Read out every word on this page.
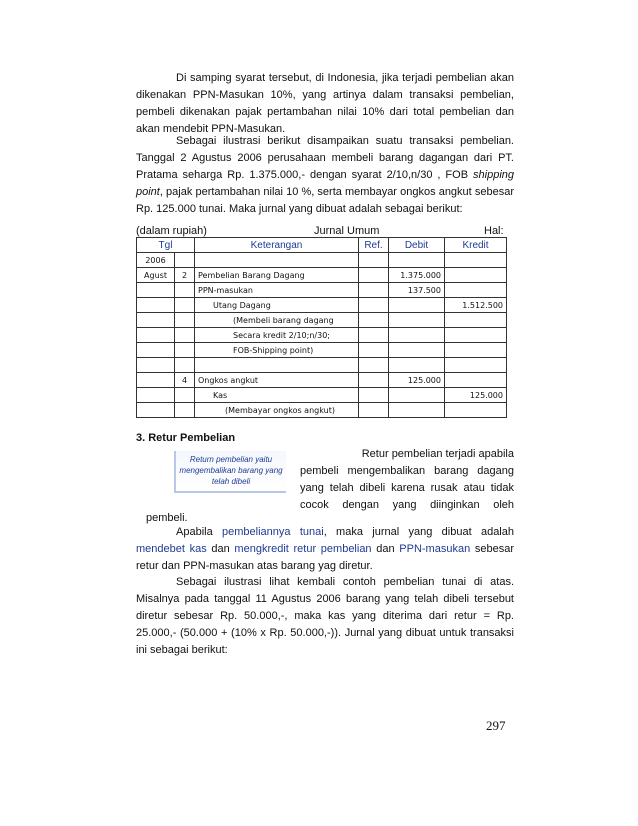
Di samping syarat tersebut, di Indonesia, jika terjadi pembelian akan dikenakan PPN-Masukan 10%, yang artinya dalam transaksi pembelian, pembeli dikenakan pajak pertambahan nilai 10% dari total pembelian dan akan mendebit PPN-Masukan.

Sebagai ilustrasi berikut disampaikan suatu transaksi pembelian. Tanggal 2 Agustus 2006 perusahaan membeli barang dagangan dari PT. Pratama seharga Rp. 1.375.000,- dengan syarat 2/10,n/30 , FOB shipping point, pajak pertambahan nilai 10 %, serta membayar ongkos angkut sebesar Rp. 125.000 tunai. Maka jurnal yang dibuat adalah sebagai berikut:

(dalam rupiah)	Jurnal Umum	Hal:
Tgl		Keterangan	Ref.	Debit	Kredit
2006					
Agust	2	Pembelian Barang Dagang		1.375.000	
		PPN-masukan		137.500	
		Utang Dagang			1.512.500
		(Membeli barang dagang			
		Secara kredit 2/10;n/30;			
		FOB-Shipping point)			

	4	Ongkos angkut		125.000	
		Kas			125.000
		(Membayar ongkos angkut)			

3. Retur Pembelian

Return pembelian yaitu mengembalikan barang yang telah dibeli
Retur pembelian terjadi apabila
pembeli mengembalikan barang dagang
yang telah dibeli karena rusak atau tidak
cocok dengan yang diinginkan oleh
pembeli.

Apabila pembeliannya tunai, maka jurnal yang dibuat adalah mendebet kas dan mengkredit retur pembelian dan PPN-masukan sebesar retur dan PPN-masukan atas barang yag diretur.

Sebagai ilustrasi lihat kembali contoh pembelian tunai di atas. Misalnya pada tanggal 11 Agustus 2006 barang yang telah dibeli tersebut diretur sebesar Rp. 50.000,-, maka kas yang diterima dari retur = Rp. 25.000,- (50.000 + (10% x Rp. 50.000,-)). Jurnal yang dibuat untuk transaksi ini sebagai berikut:

297
